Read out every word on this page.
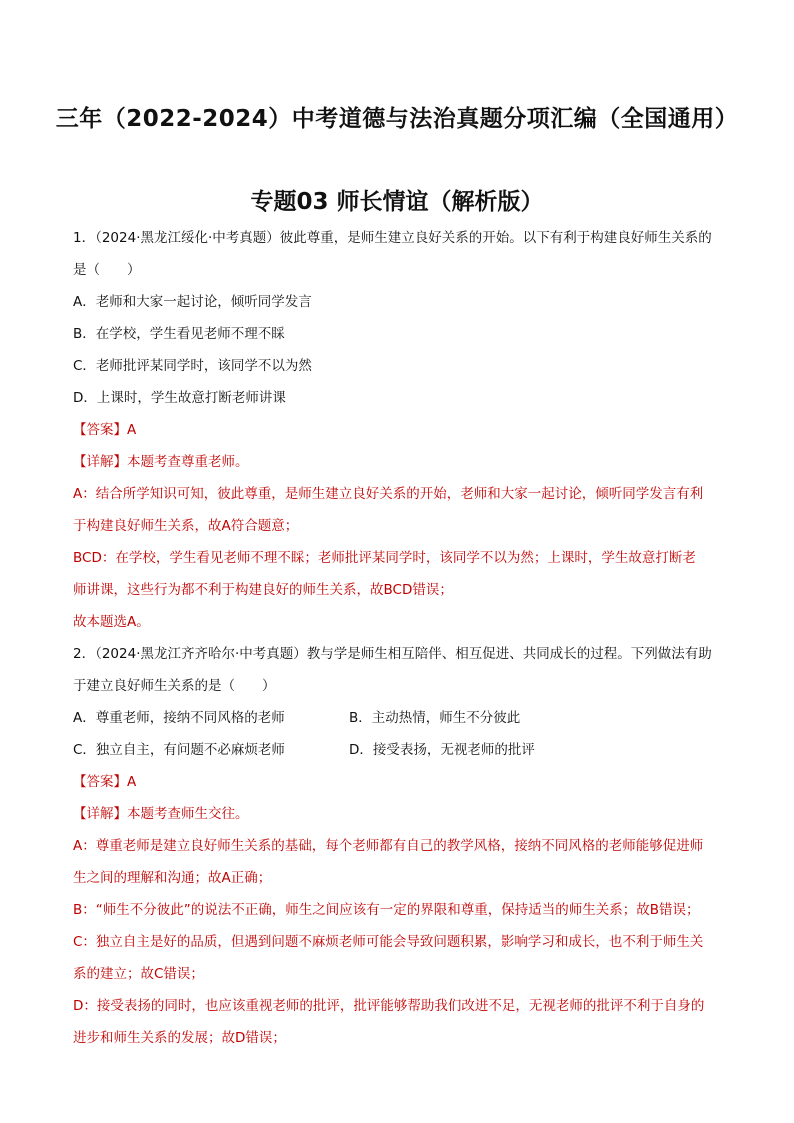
三年（2022-2024）中考道德与法治真题分项汇编（全国通用）
专题03 师长情谊（解析版）
1．（2024·黑龙江绥化·中考真题）彼此尊重，是师生建立良好关系的开始。以下有利于构建良好师生关系的
是（　　）
A．老师和大家一起讨论，倾听同学发言
B．在学校，学生看见老师不理不睬
C．老师批评某同学时，该同学不以为然
D．上课时，学生故意打断老师讲课
【答案】A
【详解】本题考查尊重老师。
A：结合所学知识可知，彼此尊重，是师生建立良好关系的开始，老师和大家一起讨论，倾听同学发言有利
于构建良好师生关系，故A符合题意；
BCD：在学校，学生看见老师不理不睬；老师批评某同学时，该同学不以为然；上课时，学生故意打断老
师讲课，这些行为都不利于构建良好的师生关系，故BCD错误；
故本题选A。
2．（2024·黑龙江齐齐哈尔·中考真题）教与学是师生相互陪伴、相互促进、共同成长的过程。下列做法有助
于建立良好师生关系的是（　　）
A．尊重老师，接纳不同风格的老师	B．主动热情，师生不分彼此
C．独立自主，有问题不必麻烦老师	D．接受表扬，无视老师的批评
【答案】A
【详解】本题考查师生交往。
A：尊重老师是建立良好师生关系的基础，每个老师都有自己的教学风格，接纳不同风格的老师能够促进师
生之间的理解和沟通；故A正确；
B：“师生不分彼此”的说法不正确，师生之间应该有一定的界限和尊重，保持适当的师生关系；故B错误；
C：独立自主是好的品质，但遇到问题不麻烦老师可能会导致问题积累，影响学习和成长，也不利于师生关
系的建立；故C错误；
D：接受表扬的同时，也应该重视老师的批评，批评能够帮助我们改进不足，无视老师的批评不利于自身的
进步和师生关系的发展；故D错误；
